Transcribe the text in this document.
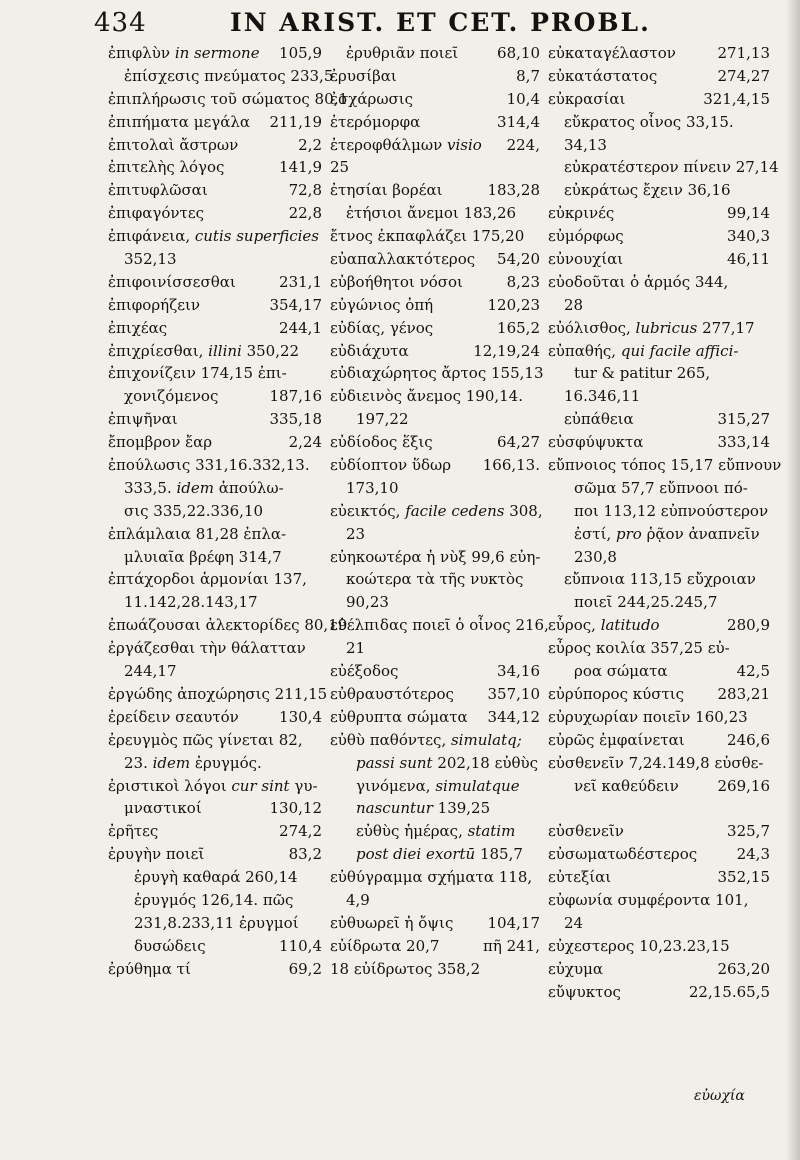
434	IN ARIST. ET CET. PROBL.
ἐπιφλὺν in sermone 105,9
ἐπίσχεσις πνεύματος 233,5
ἐπιπλήρωσις τοῦ σώματος 80,1
ἐπιπήματα μεγάλα 211,19
ἐπιτολαὶ ἄστρων	2,2
ἐπιτελὴς λόγος	141,9
ἐπιτυφλῶσαι	72,8
ἐπιφαγόντες	22,8
ἐπιφάνεια, cutis superficies
352,13
ἐπιφοινίσσεσθαι	231,1
ἐπιφορήζειν	354,17
ἐπιχέας	244,1
ἐπιχρίεσθαι, illini 350,22
ἐπιχονίζειν 174,15 ἐπι-
χονιζόμενος	187,16
ἐπιψῆναι	335,18
ἔπομβρον ἔαρ	2,24
ἐπούλωσις 331,16.332,13.
333,5. idem ἀπούλω-
σις 335,22.336,10
ἐπλάμλαια 81,28 ἐπλα-
μλυιαῖα βρέφη 314,7
ἐπτάχορδοι ἁρμονίαι 137,
11.142,28.143,17
ἐπωάζουσαι ἀλεκτορίδες 80,19
ἐργάζεσθαι τὴν θάλατταν
244,17
ἐργώδης ἀποχώρησις 211,15
ἐρείδειν σεαυτόν	130,4
ἐρευγμὸς πῶς γίνεται 82,
23. idem ἐρυγμός.
ἐριστικοὶ λόγοι cur sint γυ-
μναστικοί	130,12
ἐρῆτες	274,2
ἐρυγὴν ποιεῖ	83,2
ἐρυγὴ καθαρά 260,14
ἐρυγμός 126,14. πῶς
231,8.233,11 ἐρυγμοί
δυσώδεις	110,4
ἐρύθημα τί	69,2
ἐρυθριᾶν ποιεῖ	68,10
ἐρυσίβαι	8,7
ἐσχάρωσις	10,4
ἐτερόμορφα	314,4
ἐτεροφθάλμων visio 224,
25
ἐτησίαι βορέαι	183,28
ἐτήσιοι ἄνεμοι 183,26
ἔτνος ἐκπαφλάζει 175,20
εὐαπαλλακτότερος 54,20
εὐβοήθητοι νόσοι	8,23
εὐγώνιος ὀπή	120,23
εὐδίας, γένος	165,2
εὐδιάχυτα	12,19,24
εὐδιαχώρητος ἄρτος 155,13
εὐδιεινὸς ἄνεμος 190,14.
197,22
εὐδίοδος ἕξις	64,27
εὐδίοπτον ὕδωρ 166,13.
173,10
εὐεικτός, facile cedens 308,
23
εὐηκοωτέρα ἡ νὺξ 99,6 εὐη-
κοώτερα τὰ τῆς νυκτὸς
90,23
εὐέλπιδας ποιεῖ ὁ οἶνος 216,
21
εὐέξοδος	34,16
εὐθραυστότερος 357,10
εὐθρυπτα σώματα 344,12
εὐθὺ παθόντες, simulatq;
passi sunt 202,18 εὐθὺς
γινόμενα, simulatque
nascuntur 139,25
εὐθὺς ἡμέρας, statim
post diei exortū 185,7
εὐθύγραμμα σχήματα 118,
4,9
εὐθυωρεῖ ἡ ὄψις 104,17
εὐίδρωτα 20,7	πῆ 241,
18 εὐίδρωτος 358,2
εὐκαταγέλαστον	271,13
εὐκατάστατος	274,27
εὐκρασίαι	321,4,15
εὔκρατος οἶνος 33,15.
34,13
εὐκρατέστερον πίνειν 27,14
εὐκράτως ἔχειν 36,16
εὐκρινές	99,14
εὐμόρφως	340,3
εὐνουχίαι	46,11
εὐοδοῦται ὁ ἁρμός 344,
28
εὐόλισθος, lubricus 277,17
εὐπαθής, qui facile affici-
tur & patitur 265,
16.346,11
εὐπάθεια	315,27
εὐσφύψυκτα	333,14
εὔπνοιος τόπος 15,17 εὔπνουν
σῶμα 57,7 εὔπνοοι πό-
ποι 113,12 εὐπνούστερον
ἐστί, pro ῥᾷον ἀναπνεῖν
230,8
εὔπνοια 113,15 εὔχροιαν
ποιεῖ 244,25.245,7
εὖρος, latitudo	280,9
εὖρος κοιλία 357,25 εὐ-
ροα σώματα	42,5
εὐρύπορος κύστις 283,21
εὐρυχωρίαν ποιεῖν 160,23
εὐρῶς ἐμφαίνεται	246,6
εὐσθενεῖν 7,24.149,8 εὐσθε-
νεῖ καθεύδειν	269,16
εὐσθενεῖν	325,7
εὐσωματωδέστερος	24,3
εὐτεξίαι	352,15
εὐφωνία συμφέροντα 101,
24
εὐχεστερος 10,23.23,15
εὐχυμα	263,20
εὔψυκτος	22,15.65,5
εὐωχία
